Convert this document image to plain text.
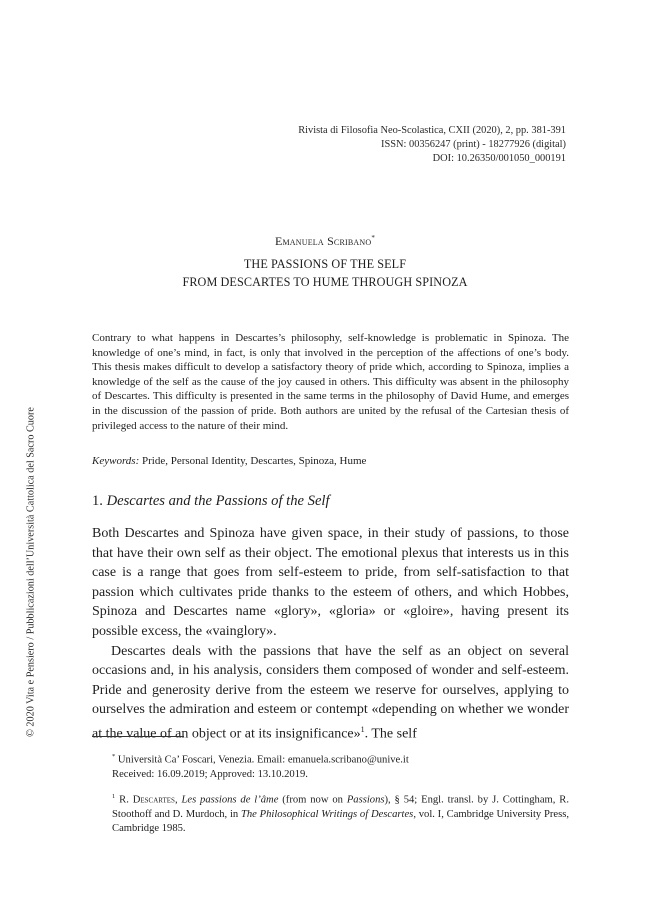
Rivista di Filosofia Neo-Scolastica, CXII (2020), 2, pp. 381-391
ISSN: 00356247 (print) - 18277926 (digital)
DOI: 10.26350/001050_000191
Emanuela Scribano*
THE PASSIONS OF THE SELF
FROM DESCARTES TO HUME THROUGH SPINOZA

Contrary to what happens in Descartes’s philosophy, self-knowledge is problematic in Spinoza. The knowledge of one’s mind, in fact, is only that involved in the perception of the affections of one’s body. This thesis makes difficult to develop a satisfactory theory of pride which, according to Spinoza, implies a knowledge of the self as the cause of the joy caused in others. This difficulty was absent in the philosophy of Descartes. This difficulty is presented in the same terms in the philosophy of David Hume, and emerges in the discussion of the passion of pride. Both authors are united by the refusal of the Cartesian thesis of privileged access to the nature of their mind.

Keywords: Pride, Personal Identity, Descartes, Spinoza, Hume

1. Descartes and the Passions of the Self

Both Descartes and Spinoza have given space, in their study of passions, to those that have their own self as their object. The emotional plexus that interests us in this case is a range that goes from self-esteem to pride, from self-satisfaction to that passion which cultivates pride thanks to the esteem of others, and which Hobbes, Spinoza and Descartes name «glory», «gloria» or «gloire», having present its possible excess, the «vainglory».

Descartes deals with the passions that have the self as an object on several occasions and, in his analysis, considers them composed of wonder and self-esteem. Pride and generosity derive from the esteem we reserve for ourselves, applying to ourselves the admiration and esteem or contempt «depending on whether we wonder at the value of an object or at its insignificance»$^1$. The self

* Università Ca’ Foscari, Venezia. Email: emanuela.scribano@unive.it
Received: 16.09.2019; Approved: 13.10.2019.

$^1$ R. Descartes, Les passions de l’âme (from now on Passions), § 54; Engl. transl. by J. Cottingham, R. Stoothoff and D. Murdoch, in The Philosophical Writings of Descartes, vol. I, Cambridge University Press, Cambridge 1985.

© 2020 Vita e Pensiero / Pubblicazioni dell’Università Cattolica del Sacro Cuore
